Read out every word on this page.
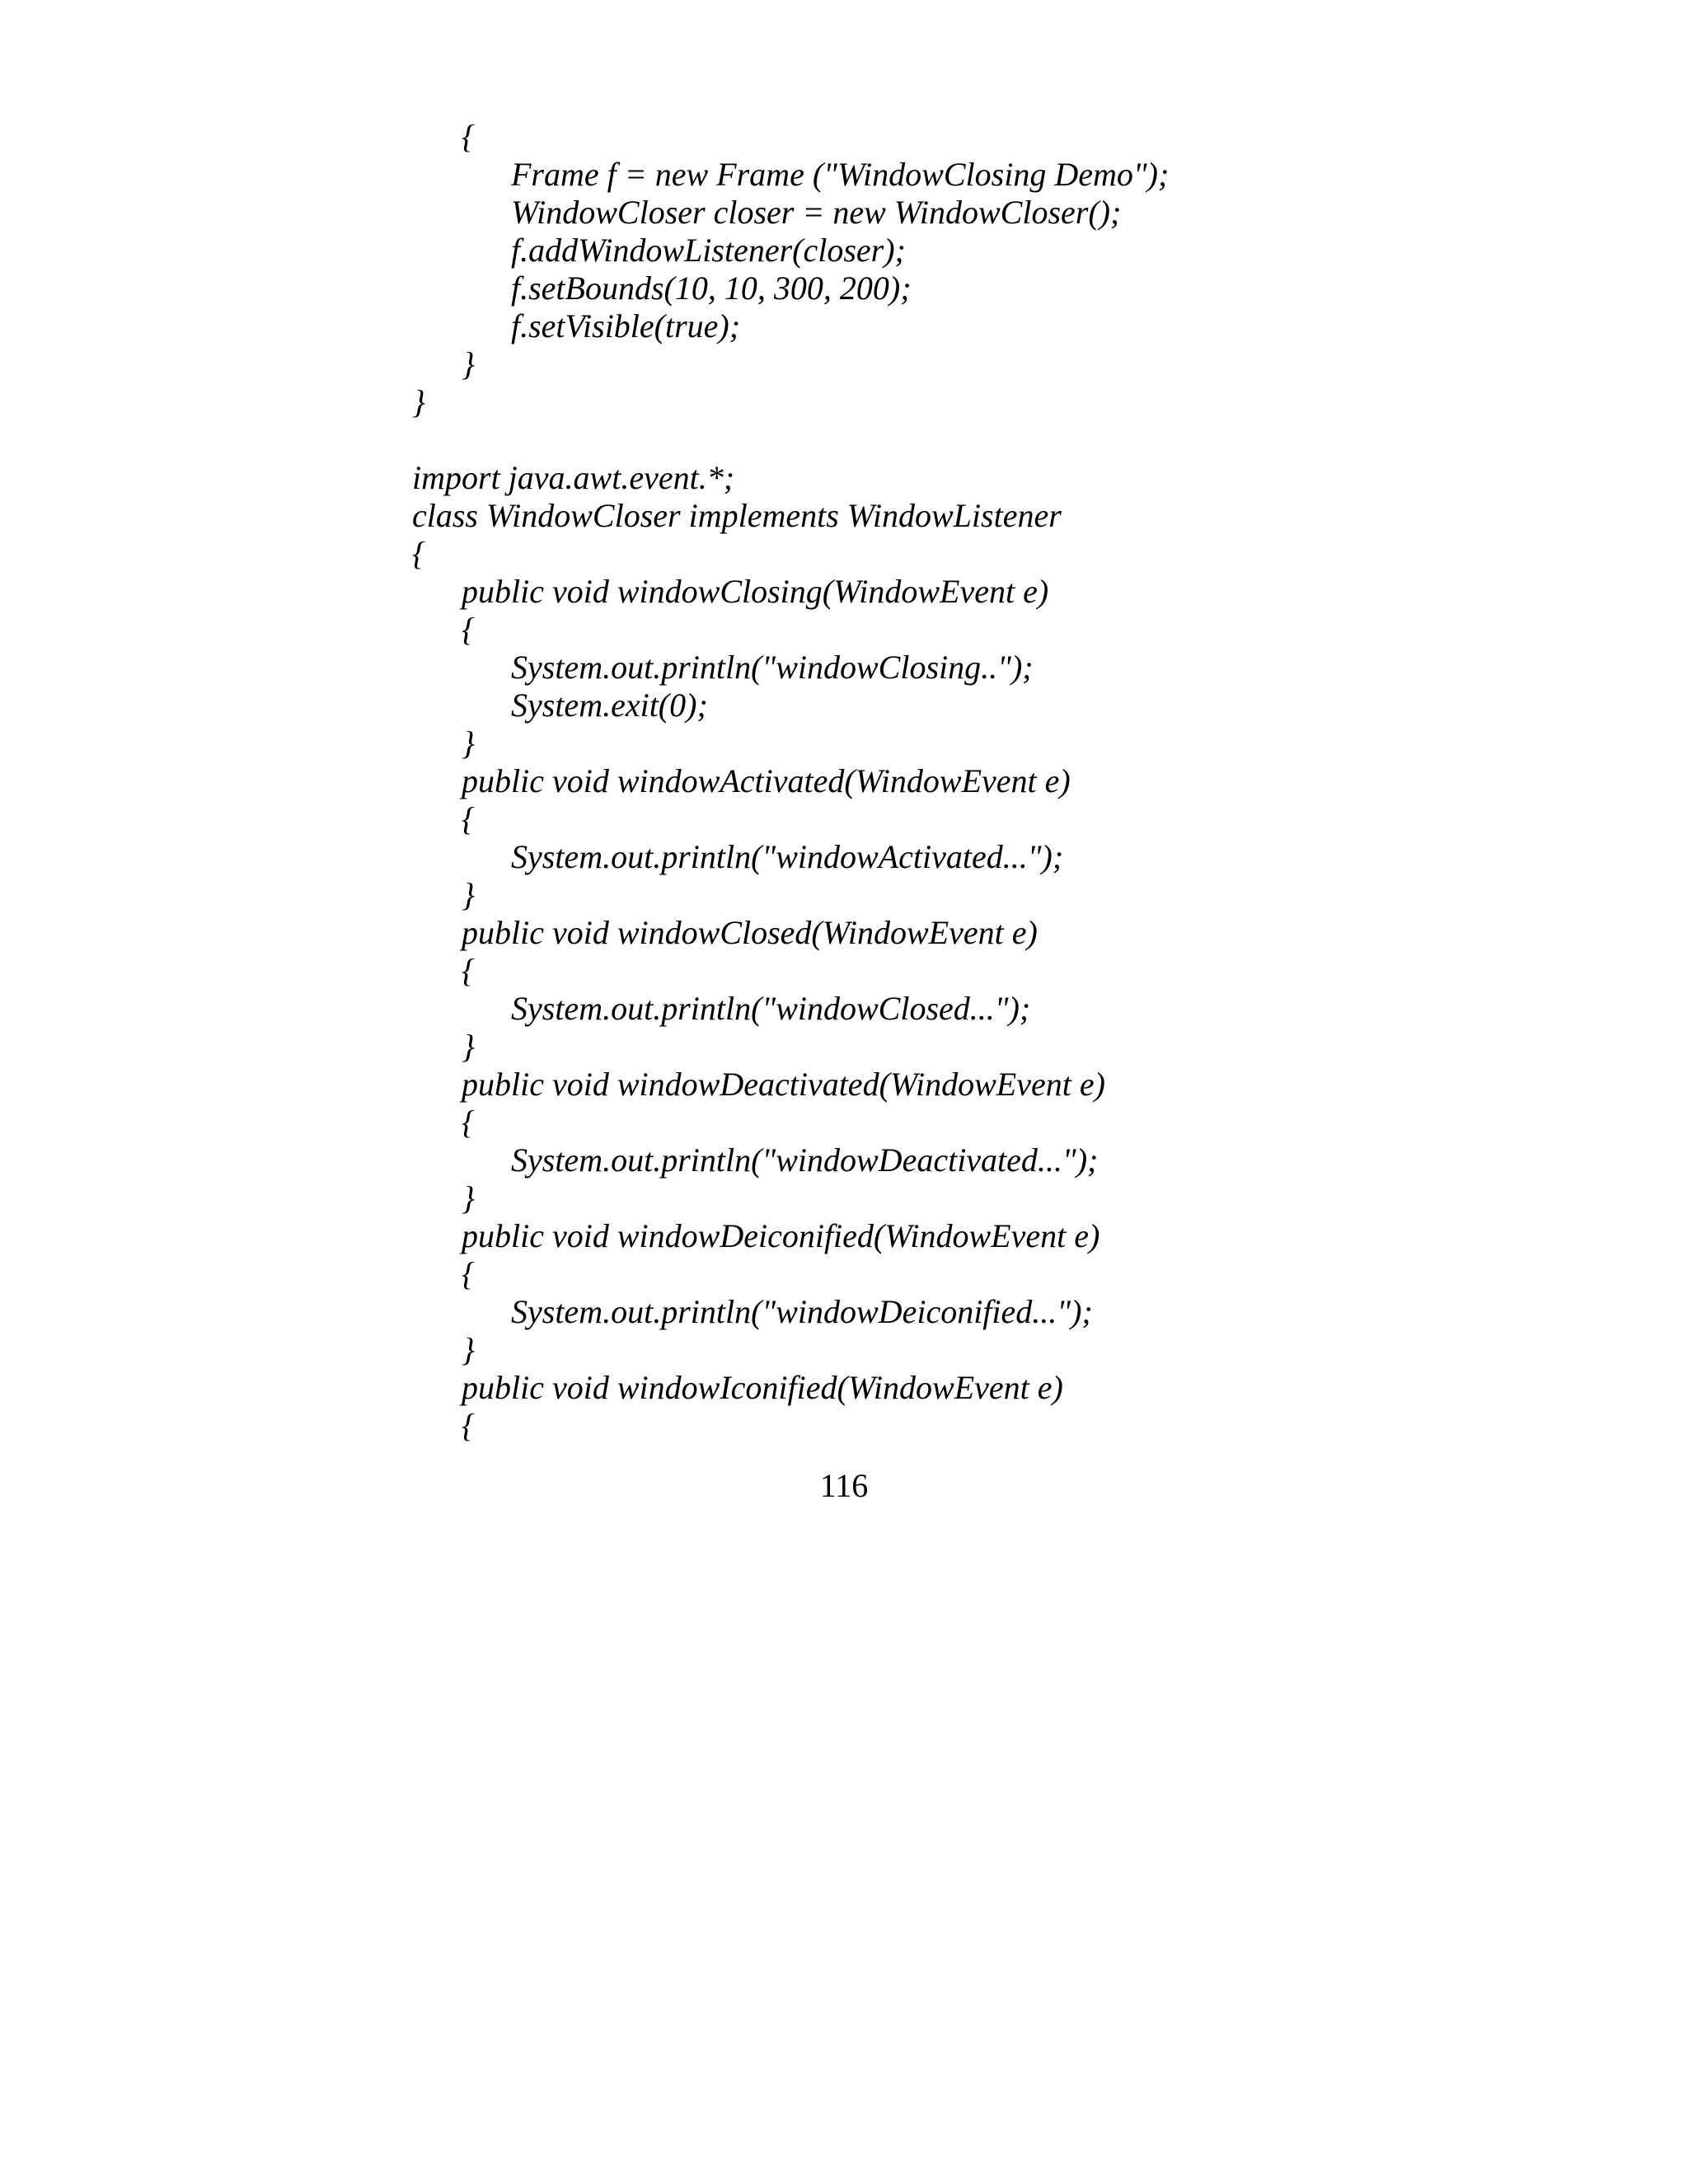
{
Frame f = new Frame ("WindowClosing Demo");
WindowCloser closer = new WindowCloser();
f.addWindowListener(closer);
f.setBounds(10, 10, 300, 200);
f.setVisible(true);
}
}
import java.awt.event.*;
class WindowCloser implements WindowListener
{
public void windowClosing(WindowEvent e)
{
System.out.println("windowClosing..");
System.exit(0);
}
public void windowActivated(WindowEvent e)
{
System.out.println("windowActivated...");
}
public void windowClosed(WindowEvent e)
{
System.out.println("windowClosed...");
}
public void windowDeactivated(WindowEvent e)
{
System.out.println("windowDeactivated...");
}
public void windowDeiconified(WindowEvent e)
{
System.out.println("windowDeiconified...");
}
public void windowIconified(WindowEvent e)
{
116
